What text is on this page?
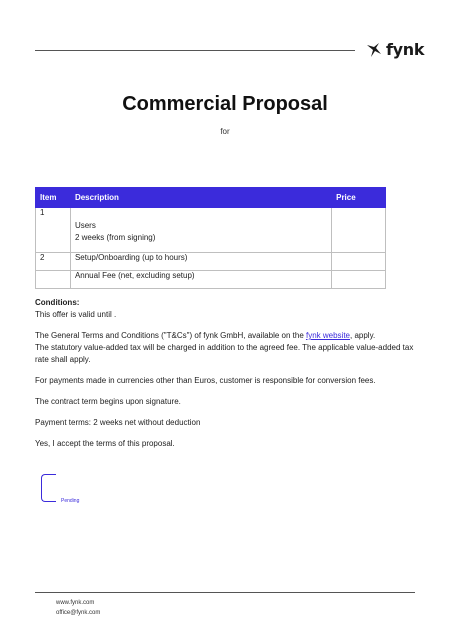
fynk
Commercial Proposal
for
Item	Description	Price
1	Users
2 weeks (from signing)	

2	Setup/Onboarding (up to hours)	
	Annual Fee (net, excluding setup)	

Conditions:

This offer is valid until .

The General Terms and Conditions ("T&Cs") of fynk GmbH, available on the fynk website, apply.

The statutory value-added tax will be charged in addition to the agreed fee. The applicable value-added tax rate shall apply.

For payments made in currencies other than Euros, customer is responsible for conversion fees.

The contract term begins upon signature.

Payment terms: 2 weeks net without deduction

Yes, I accept the terms of this proposal.

Pending
www.fynk.com
office@fynk.com
